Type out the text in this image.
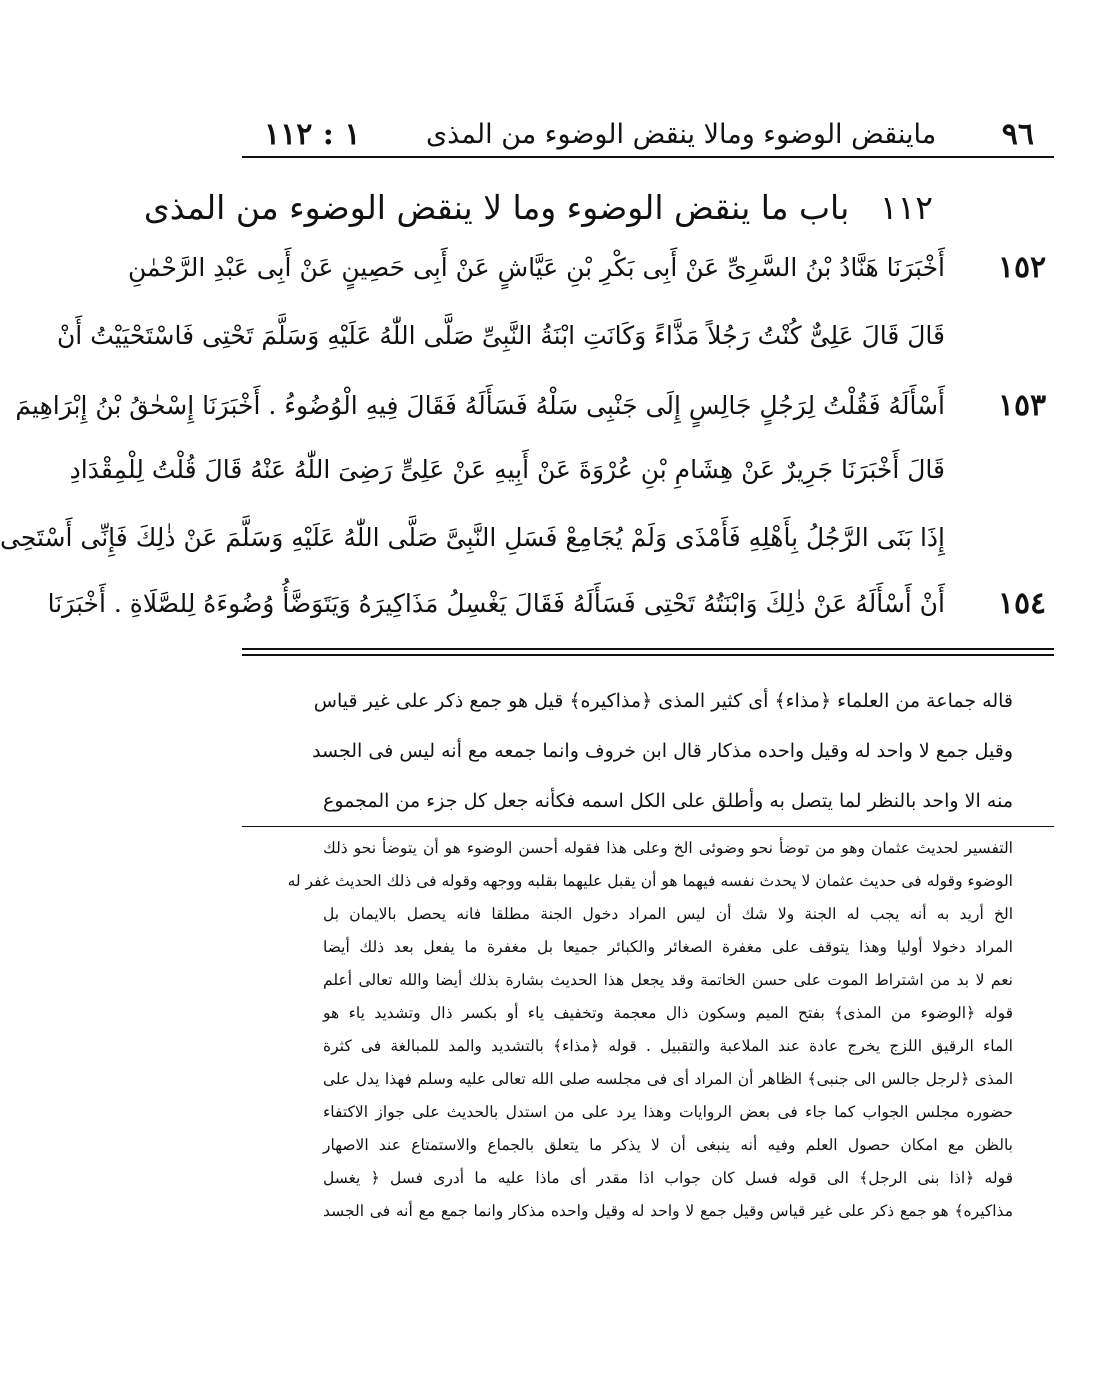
٩٦
ماينقض الوضوء ومالا ينقض الوضوء من المذى
١ : ١١٢
١١٢ باب ما ينقض الوضوء وما لا ينقض الوضوء من المذى
١٥٢
أَخْبَرَنَا هَنَّادُ بْنُ السَّرِىِّ عَنْ أَبِى بَكْرِ بْنِ عَيَّاشٍ عَنْ أَبِى حَصِينٍ عَنْ أَبِى عَبْدِ الرَّحْمٰنِ
قَالَ قَالَ عَلِىٌّ كُنْتُ رَجُلاً مَذَّاءً وَكَانَتِ ابْنَةُ النَّبِىِّ صَلَّى اللّٰهُ عَلَيْهِ وَسَلَّمَ تَحْتِى فَاسْتَحْيَيْتُ أَنْ
١٥٣
أَسْأَلَهُ فَقُلْتُ لِرَجُلٍ جَالِسٍ إِلَى جَنْبِى سَلْهُ فَسَأَلَهُ فَقَالَ فِيهِ الْوُضُوءُ . أَخْبَرَنَا إِسْحٰقُ بْنُ إِبْرَاهِيمَ
قَالَ أَخْبَرَنَا جَرِيرٌ عَنْ هِشَامِ بْنِ عُرْوَةَ عَنْ أَبِيهِ عَنْ عَلِىٍّ رَضِىَ اللّٰهُ عَنْهُ قَالَ قُلْتُ لِلْمِقْدَادِ
إِذَا بَنَى الرَّجُلُ بِأَهْلِهِ فَأَمْذَى وَلَمْ يُجَامِعْ فَسَلِ النَّبِىَّ صَلَّى اللّٰهُ عَلَيْهِ وَسَلَّمَ عَنْ ذٰلِكَ فَإِنِّى أَسْتَحِى
١٥٤
أَنْ أَسْأَلَهُ عَنْ ذٰلِكَ وَابْنَتُهُ تَحْتِى فَسَأَلَهُ فَقَالَ يَغْسِلُ مَذَاكِيرَهُ وَيَتَوَضَّأُ وُضُوءَهُ لِلصَّلَاةِ . أَخْبَرَنَا
قاله جماعة من العلماء ﴿مذاء﴾ أى كثير المذى ﴿مذاكيره﴾ قيل هو جمع ذكر على غير قياس
وقيل جمع لا واحد له وقيل واحده مذكار قال ابن خروف وانما جمعه مع أنه ليس فى الجسد
منه الا واحد بالنظر لما يتصل به وأطلق على الكل اسمه فكأنه جعل كل جزء من المجموع
التفسير لحديث عثمان وهو من توضأ نحو وضوئى الخ وعلى هذا فقوله أحسن الوضوء هو أن يتوضأ نحو ذلك
الوضوء وقوله فى حديث عثمان لا يحدث نفسه فيهما هو أن يقبل عليهما بقلبه ووجهه وقوله فى ذلك الحديث غفر له
الخ أريد به أنه يجب له الجنة ولا شك أن ليس المراد دخول الجنة مطلقا فانه يحصل بالايمان بل
المراد دخولا أوليا وهذا يتوقف على مغفرة الصغائر والكبائر جميعا بل مغفرة ما يفعل بعد ذلك أيضا
نعم لا بد من اشتراط الموت على حسن الخاتمة وقد يجعل هذا الحديث بشارة بذلك أيضا والله تعالى أعلم
قوله ﴿الوضوء من المذى﴾ بفتح الميم وسكون ذال معجمة وتخفيف ياء أو بكسر ذال وتشديد ياء هو
الماء الرقيق اللزج يخرج عادة عند الملاعبة والتقبيل . قوله ﴿مذاء﴾ بالتشديد والمد للمبالغة فى كثرة
المذى ﴿لرجل جالس الى جنبى﴾ الظاهر أن المراد أى فى مجلسه صلى الله تعالى عليه وسلم فهذا يدل على
حضوره مجلس الجواب كما جاء فى بعض الروايات وهذا يرد على من استدل بالحديث على جواز الاكتفاء
بالظن مع امكان حصول العلم وفيه أنه ينبغى أن لا يذكر ما يتعلق بالجماع والاستمتاع عند الاصهار
قوله ﴿اذا بنى الرجل﴾ الى قوله فسل كان جواب اذا مقدر أى ماذا عليه ما أدرى فسل ﴿ يغسل
مذاكيره﴾ هو جمع ذكر على غير قياس وقيل جمع لا واحد له وقيل واحده مذكار وانما جمع مع أنه فى الجسد
